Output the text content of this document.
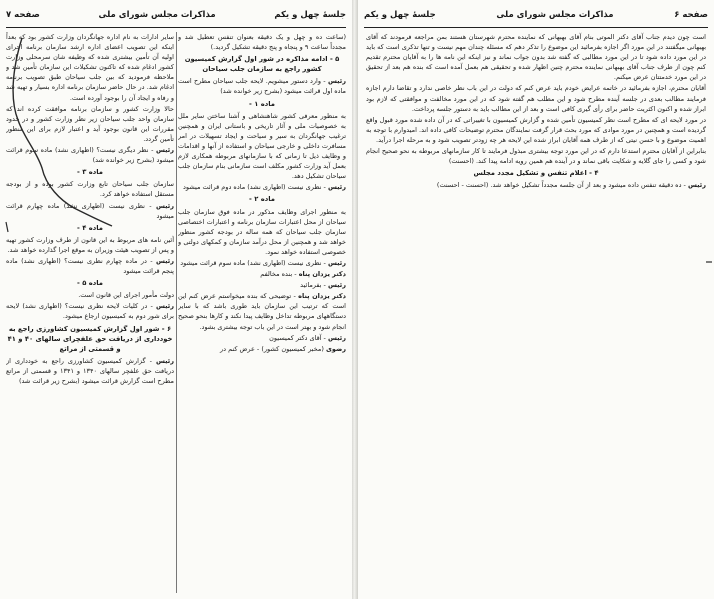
جلسهٔ چهل و یکم
مذاکرات مجلس شورای ملی
صفحه ۷
(ساعت ده و چهل و یک دقیقه بعنوان تنفس تعطیل شد و مجدداً ساعت ۹ و پنجاه و پنج دقیقه تشکیل گردید.)
۵ - ادامه مذاکره در شور اول گزارش کمیسیون کشور راجع به سازمان جلب سیاحان
رئیس - وارد دستور میشویم. لایحه جلب سیاحان مطرح است ماده اول قرائت میشود (بشرح زیر خوانده شد)
ماده ۱ -
به منظور معرفی کشور شاهنشاهی و آشنا ساختن سایر ملل به خصوصیات ملی و آثار تاریخی و باستانی ایران و همچنین ترغیب جهانگردان به سیر و سیاحت و ایجاد تسهیلات در امر مسافرت داخلی و خارجی سیاحان و استفاده از آنها و اقدامات و وظایف ذیل تا زمانی که با سازمانهای مربوطه همکاری لازم بعمل آید وزارت کشور مکلف است سازمانی بنام سازمان جلب سیاحان تشکیل دهد.
رئیس - نظری نیست (اظهاری نشد) ماده دوم قرائت میشود
ماده ۲ -
به منظور اجرای وظایف مذکور در ماده فوق سازمان جلب سیاحان از محل اعتبارات سازمان برنامه و اعتبارات اختصاصی سازمان جلب سیاحان که همه ساله در بودجه کشور منظور خواهد شد و همچنین از محل درآمد سازمان و کمکهای دولتی و خصوصی استفاده خواهد نمود.
رئیس - نظری نیست (اظهاری نشد) ماده سوم قرائت میشود
دکتر یزدان پناه - بنده مخالفم
رئیس - بفرمائید
دکتر یزدان پناه - توضیحی که بنده میخواستم عرض کنم این است که ترتیب این سازمان باید طوری باشد که با سایر دستگاههای مربوطه تداخل وظایف پیدا نکند و کارها بنحو صحیح انجام شود و بهتر است در این باب توجه بیشتری بشود.
رئیس - آقای دکتر کمیسیون
رضوی (مخبر کمیسیون کشور) - عرض کنم در
سایر ادارات به نام اداره جهانگردان وزارت کشور بود که بعداً اینکه این تصویب اعضای اداره ارشد سازمان برنامه اجرای اولیه آن تأمین بیشتری شده که وظیفه شان سرمحلی وزارت کشور ادغام شده که تاکنون تشکیلات این سازمان تأمین شد و ملاحظه فرمودید که بین جلب سیاحان طبق تصویب برنامه ادغام شد. در حال حاضر سازمان برنامه اداره بسیار و تهیه شد و رفاه و ایجاد آن را بوجود آورده است.
حالا وزارت کشور و سازمان برنامه موافقت کرده اند که سازمان واحد جلب سیاحان زیر نظر وزارت کشور و در حدود مقررات این قانون بوجود آید و اعتبار لازم برای این منظور تأمین گردد.
رئیس - نظر دیگری نیست؟ (اظهاری نشد) ماده سوم قرائت میشود (بشرح زیر خوانده شد)
ماده ۳ -
سازمان جلب سیاحان تابع وزارت کشور بوده و از بودجه مستقل استفاده خواهد کرد.
رئیس - نظری نیست (اظهاری نشد) ماده چهارم قرائت میشود
ماده ۴ -
آئین نامه های مربوط به این قانون از طرف وزارت کشور تهیه و پس از تصویب هیئت وزیران به موقع اجرا گذارده خواهد شد.
رئیس - در ماده چهارم نظری نیست؟ (اظهاری نشد) ماده پنجم قرائت میشود
ماده ۵ -
دولت مأمور اجرای این قانون است.
رئیس - در کلیات لایحه نظری نیست؟ (اظهاری نشد) لایحه برای شور دوم به کمیسیون ارجاع میشود.
۶ - شور اول گزارش کمیسیون کشاورزی راجع به خودداری از دریافت حق علفچرای سالهای ۴۰ و ۴۱ و قسمتی از مراتع
رئیس - گزارش کمیسیون کشاورزی راجع به خودداری از دریافت حق علفچر سالهای ۱۳۴۰ و ۱۳۴۱ و قسمتی از مراتع مطرح است گزارش قرائت میشود (بشرح زیر قرائت شد)
صفحه ۶
مذاکرات مجلس شورای ملی
جلسهٔ چهل و یکم
است چون دیدم جناب آقای دکتر الموتی بنام آقای بهبهانی که نماینده محترم شهرستان هستند بمن مراجعه فرمودند که آقای بهبهانی میگفتند در این مورد اگر اجازه بفرمائید این موضوع را تذکر دهم که مسئله چندان مهم نیست و تنها تذکری است که باید در این مورد داده شود تا در این مورد مطالبی که گفته شد بدون جواب نماند و نیز اینکه این نامه ها را به آقایان محترم تقدیم کنم چون از طرف جناب آقای بهبهانی نماینده محترم چنین اظهار شده و تحقیقی هم بعمل آمده است که بنده هم بعد از تحقیق در این مورد خدمتتان عرض میکنم.
آقایان محترم، اجازه بفرمائید در خاتمه عرایض خودم باید عرض کنم که دولت در این باب نظر خاصی ندارد و تقاضا دارم اجازه فرمایند مطالب بعدی در جلسه آینده مطرح شود و این مطلب هم گفته شود که در این مورد مخالفت و موافقتی که لازم بود ابراز شده و اکنون اکثریت حاضر برای رأی گیری کافی است و بعد از این مطالب باید به دستور جلسه پرداخت.
در مورد لایحه ای که مطرح است نظر کمیسیون تأمین شده و گزارش کمیسیون با تغییراتی که در آن داده شده مورد قبول واقع گردیده است و همچنین در مورد موادی که مورد بحث قرار گرفت نمایندگان محترم توضیحات کافی داده اند. امیدوارم با توجه به اهمیت موضوع و با حسن نیتی که از طرف همه آقایان ابراز شده این لایحه هر چه زودتر تصویب شود و به مرحله اجرا درآید.
بنابراین از آقایان محترم استدعا دارم که در این مورد توجه بیشتری مبذول فرمایند تا کار سازمانهای مربوطه به نحو صحیح انجام شود و کسی را جای گلایه و شکایت باقی نماند و در آینده هم همین رویه ادامه پیدا کند. (احسنت)
۴ - اعلام تنفس و تشکیل مجدد مجلس
رئیس - ده دقیقه تنفس داده میشود و بعد از آن جلسه مجدداً تشکیل خواهد شد. (احسنت - احسنت)
